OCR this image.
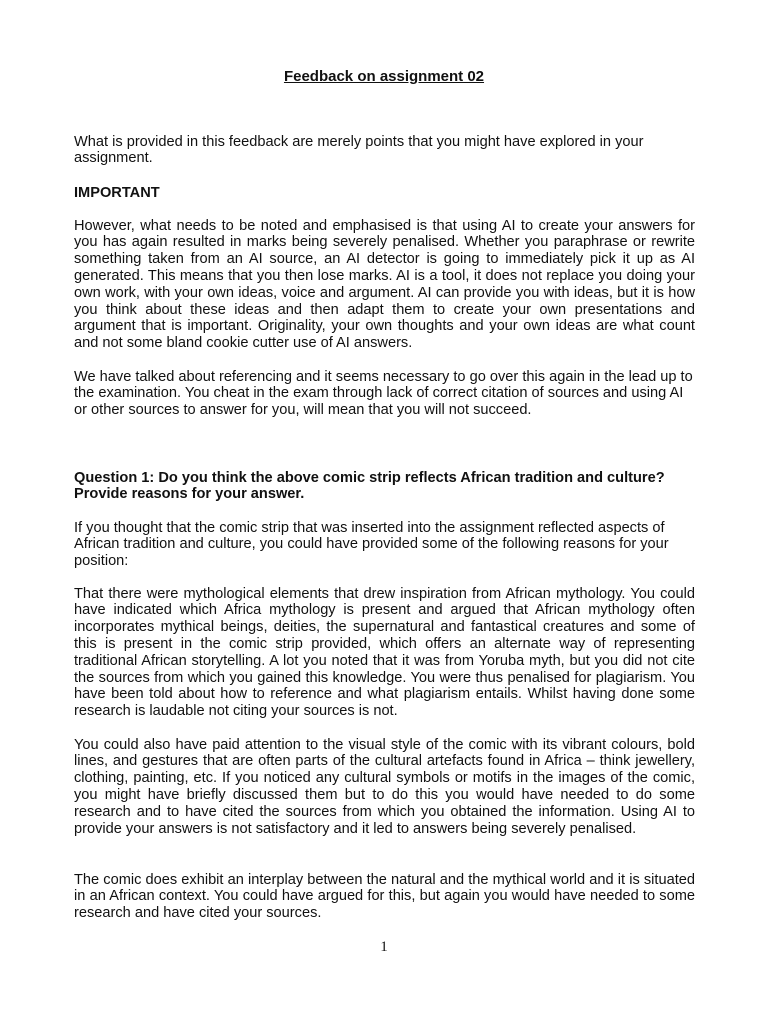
Feedback on assignment 02

What is provided in this feedback are merely points that you might have explored in your assignment.

IMPORTANT

However, what needs to be noted and emphasised is that using AI to create your answers for you has again resulted in marks being severely penalised. Whether you paraphrase or rewrite something taken from an AI source, an AI detector is going to immediately pick it up as AI generated. This means that you then lose marks. AI is a tool, it does not replace you doing your own work, with your own ideas, voice and argument. AI can provide you with ideas, but it is how you think about these ideas and then adapt them to create your own presentations and argument that is important. Originality, your own thoughts and your own ideas are what count and not some bland cookie cutter use of AI answers.

We have talked about referencing and it seems necessary to go over this again in the lead up to the examination. You cheat in the exam through lack of correct citation of sources and using AI or other sources to answer for you, will mean that you will not succeed.

Question 1: Do you think the above comic strip reflects African tradition and culture? Provide reasons for your answer.

If you thought that the comic strip that was inserted into the assignment reflected aspects of African tradition and culture, you could have provided some of the following reasons for your position:

That there were mythological elements that drew inspiration from African mythology. You could have indicated which Africa mythology is present and argued that African mythology often incorporates mythical beings, deities, the supernatural and fantastical creatures and some of this is present in the comic strip provided, which offers an alternate way of representing traditional African storytelling. A lot you noted that it was from Yoruba myth, but you did not cite the sources from which you gained this knowledge. You were thus penalised for plagiarism. You have been told about how to reference and what plagiarism entails. Whilst having done some research is laudable not citing your sources is not.

You could also have paid attention to the visual style of the comic with its vibrant colours, bold lines, and gestures that are often parts of the cultural artefacts found in Africa – think jewellery, clothing, painting, etc. If you noticed any cultural symbols or motifs in the images of the comic, you might have briefly discussed them but to do this you would have needed to do some research and to have cited the sources from which you obtained the information. Using AI to provide your answers is not satisfactory and it led to answers being severely penalised.

The comic does exhibit an interplay between the natural and the mythical world and it is situated in an African context. You could have argued for this, but again you would have needed to some research and have cited your sources.

1
